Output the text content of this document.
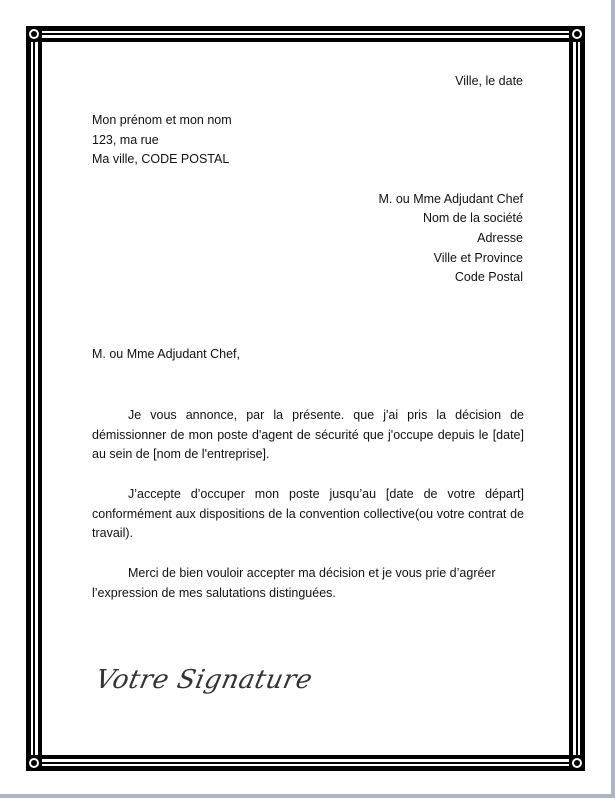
Ville, le date

Mon prénom et mon nom

123, ma rue

Ma ville, CODE POSTAL

M. ou Mme Adjudant Chef

Nom de la société

Adresse

Ville et Province

Code Postal

M. ou Mme Adjudant Chef,

Je vous annonce, par la présente. que j'ai pris la décision de démissionner de mon poste d'agent de sécurité que j'occupe depuis le [date] au sein de [nom de l'entreprise].

J’accepte d’occuper mon poste jusqu’au [date de votre départ] conformément aux dispositions de la convention collective(ou votre contrat de travail).

Merci de bien vouloir accepter ma décision et je vous prie d’agréer l’expression de mes salutations distinguées.

Votre Signature
